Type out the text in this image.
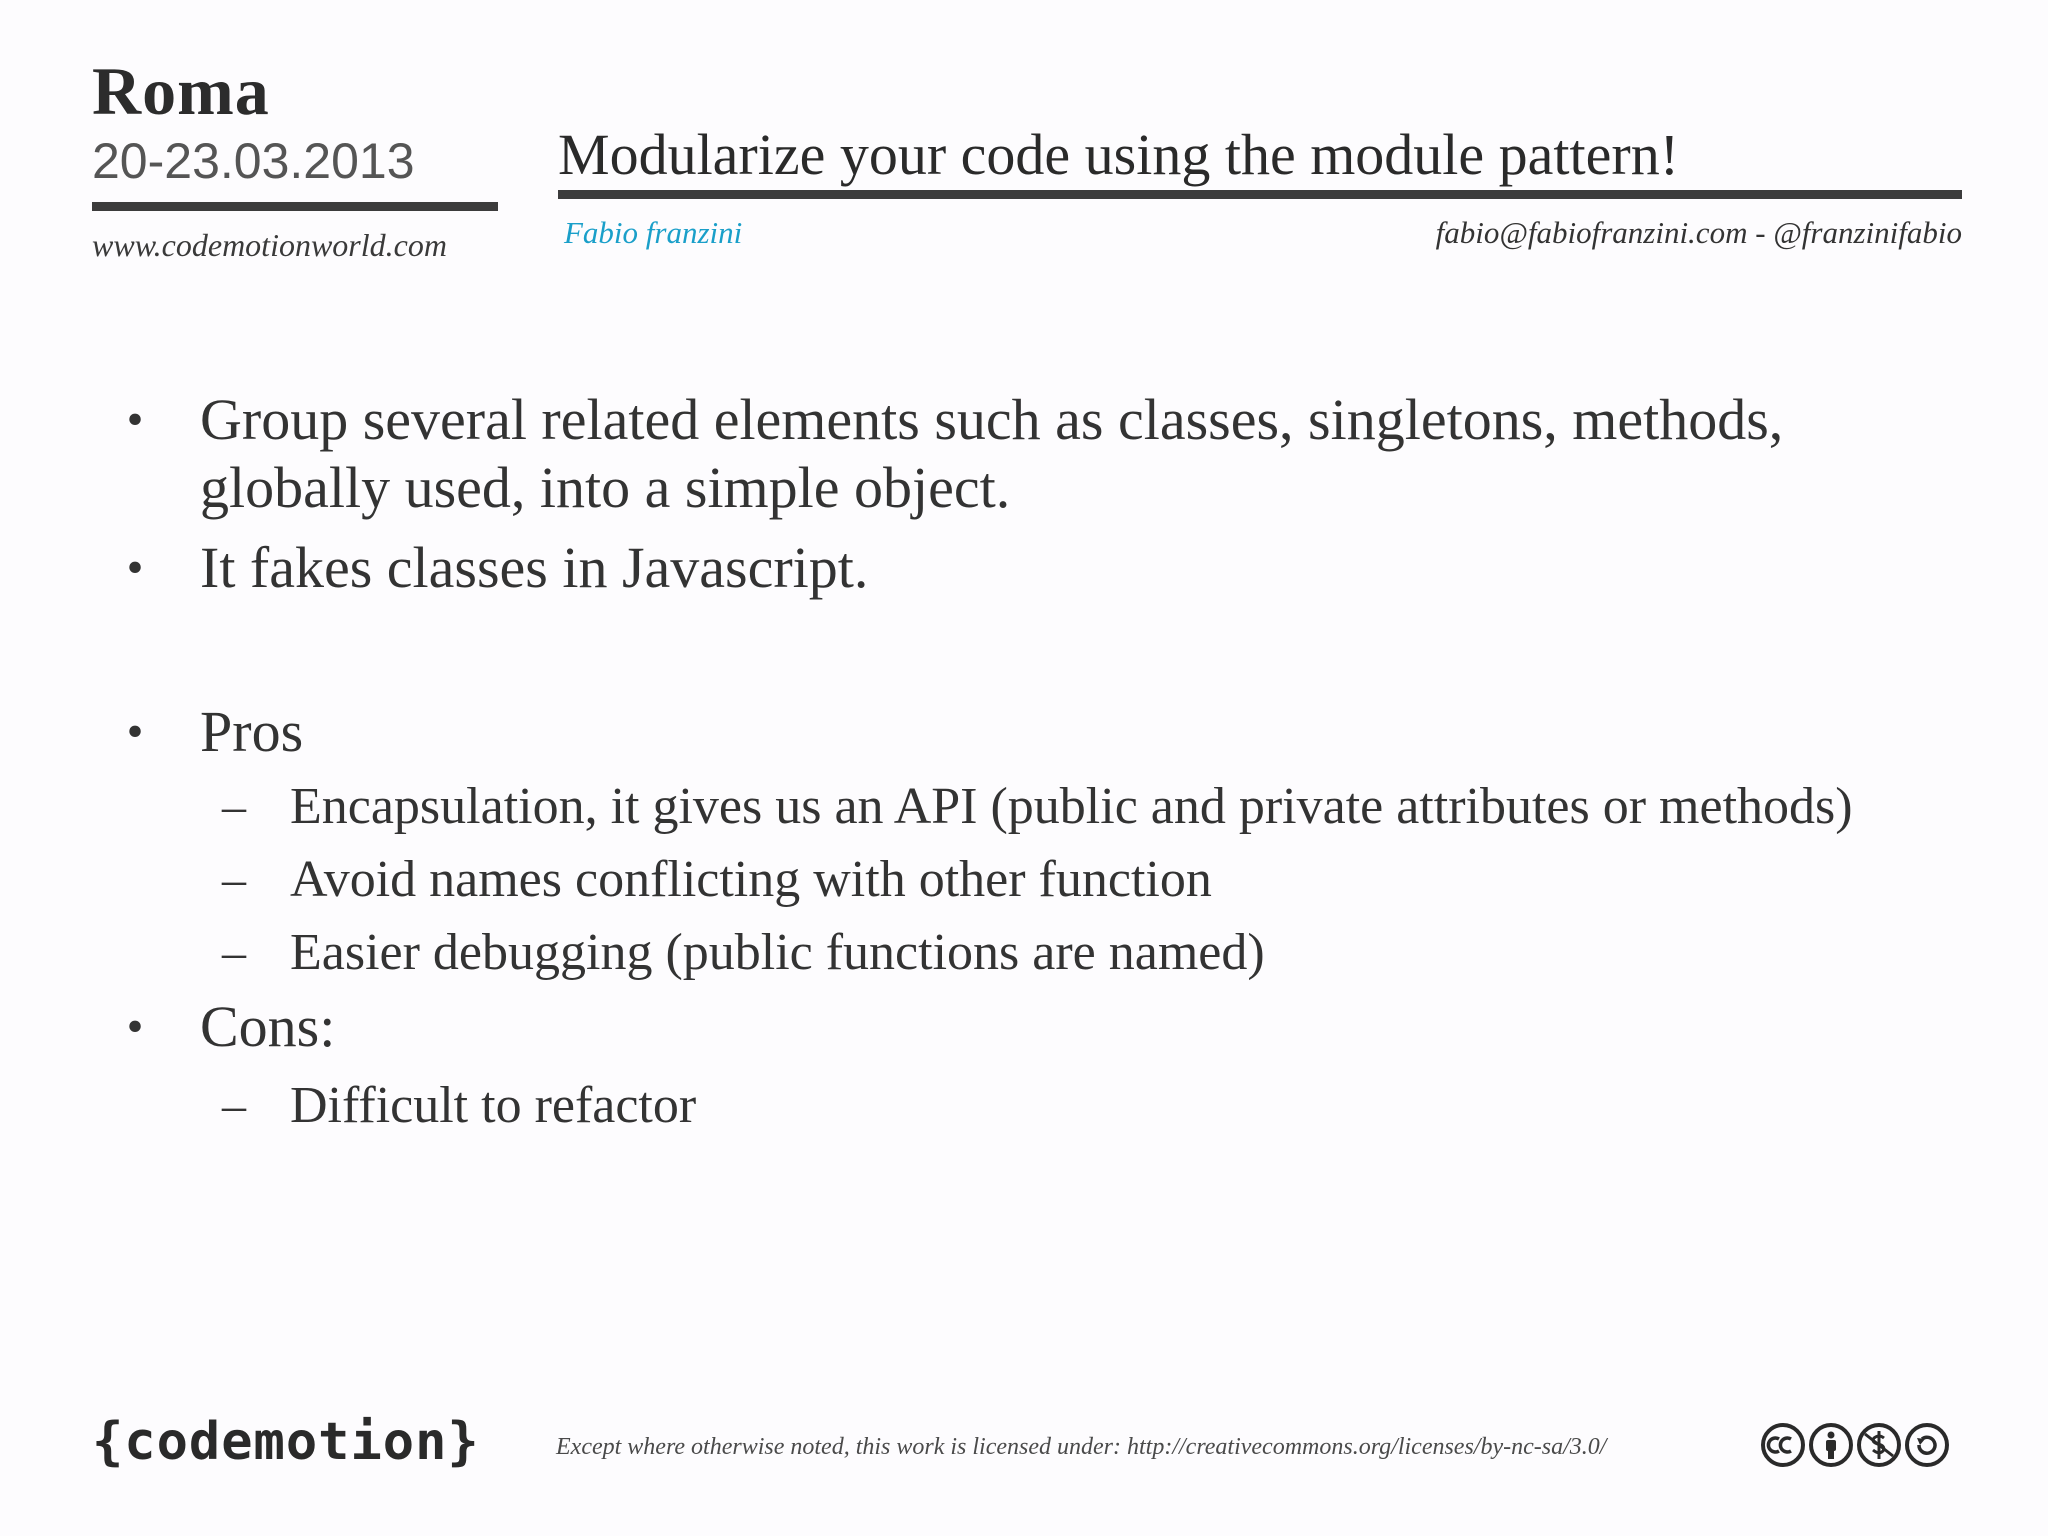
Roma
20-23.03.2013
www.codemotionworld.com
Modularize your code using the module pattern!
Fabio franzini	fabio@fabiofranzini.com - @franzinifabio
• Group several related elements such as classes, singletons, methods, globally used, into a simple object.
• It fakes classes in Javascript.
• Pros
– Encapsulation, it gives us an API (public and private attributes or methods)
– Avoid names conflicting with other function
– Easier debugging (public functions are named)
• Cons:
– Difficult to refactor
{codemotion}	Except where otherwise noted, this work is licensed under: http://creativecommons.org/licenses/by-nc-sa/3.0/
